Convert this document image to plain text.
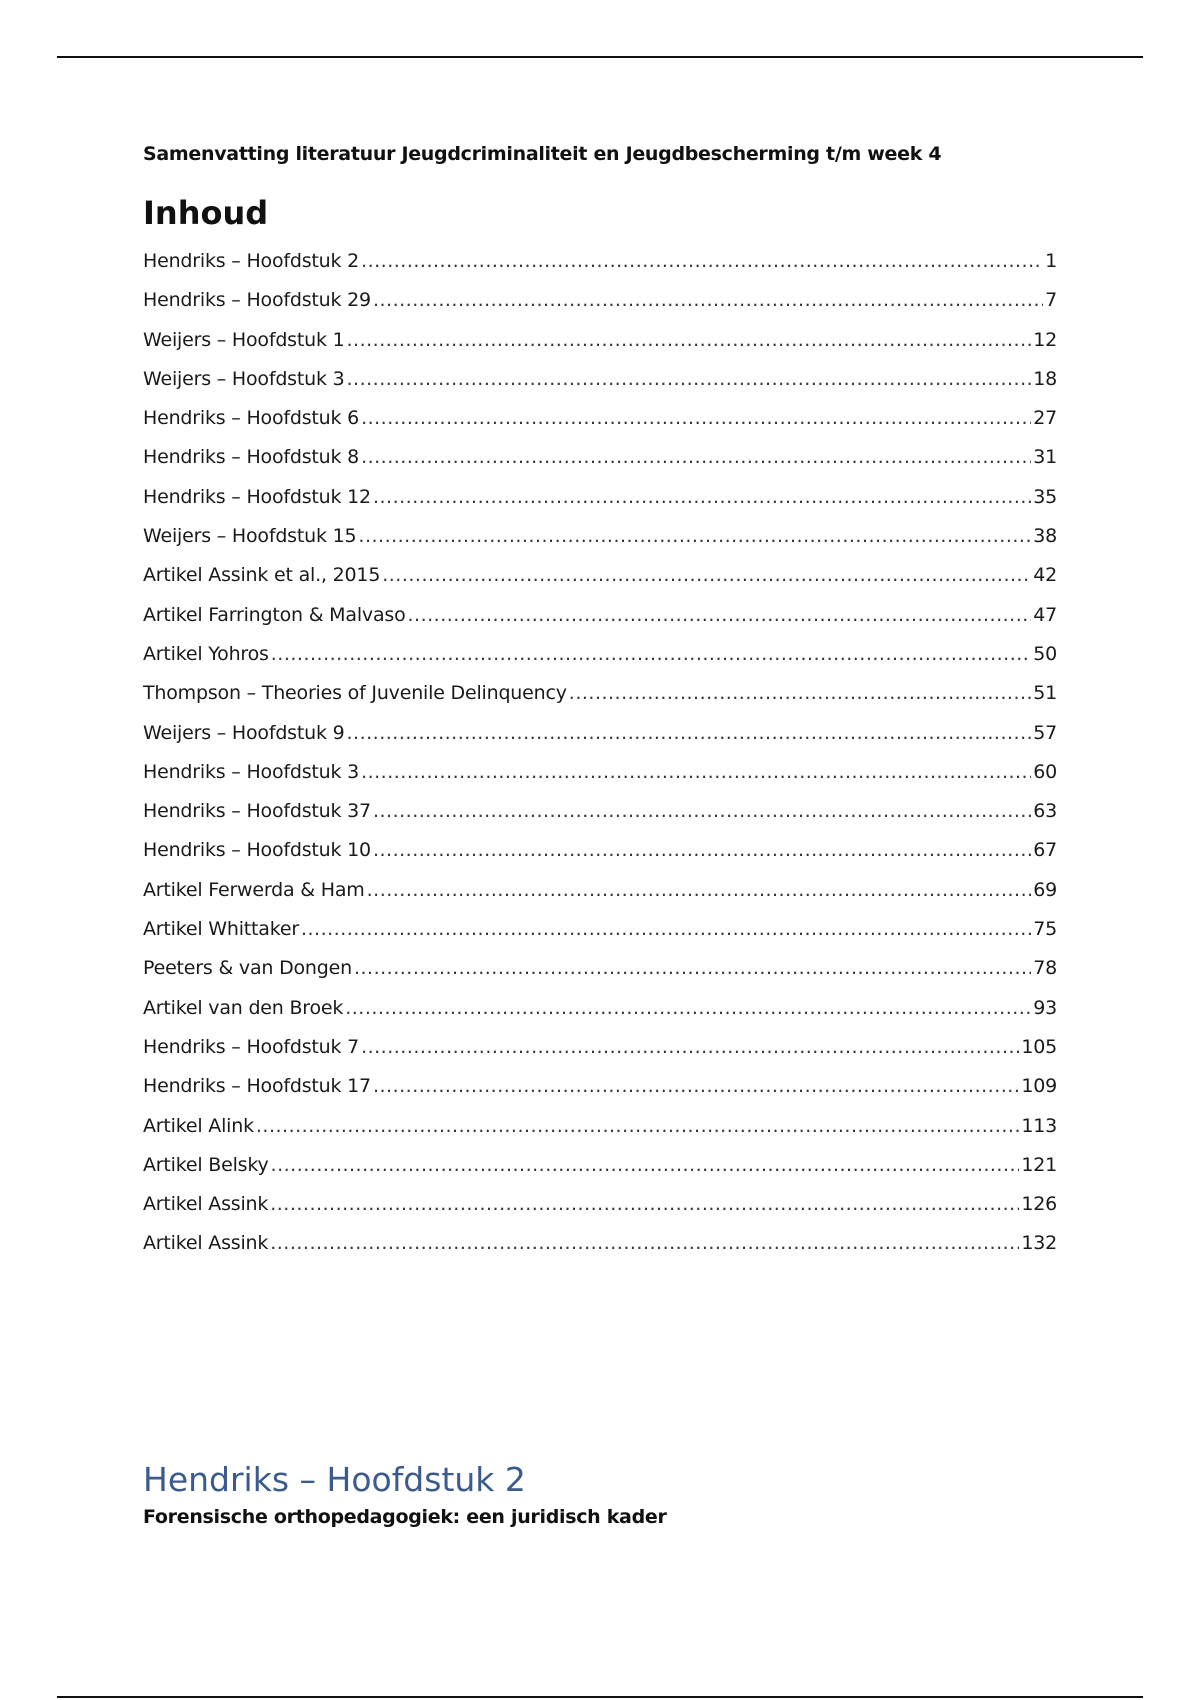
Samenvatting literatuur Jeugdcriminaliteit en Jeugdbescherming t/m week 4
Inhoud
Hendriks – Hoofdstuk 2 .....	1
Hendriks – Hoofdstuk 29 .....	7
Weijers – Hoofdstuk 1 .....	12
Weijers – Hoofdstuk 3 .....	18
Hendriks – Hoofdstuk 6 .....	27
Hendriks – Hoofdstuk 8 .....	31
Hendriks – Hoofdstuk 12 .....	35
Weijers – Hoofdstuk 15 .....	38
Artikel Assink et al., 2015 .....	42
Artikel Farrington & Malvaso .....	47
Artikel Yohros .....	50
Thompson – Theories of Juvenile Delinquency .....	51
Weijers – Hoofdstuk 9 .....	57
Hendriks – Hoofdstuk 3 .....	60
Hendriks – Hoofdstuk 37 .....	63
Hendriks – Hoofdstuk 10 .....	67
Artikel Ferwerda & Ham .....	69
Artikel Whittaker .....	75
Peeters & van Dongen .....	78
Artikel van den Broek .....	93
Hendriks – Hoofdstuk 7 .....	105
Hendriks – Hoofdstuk 17 .....	109
Artikel Alink .....	113
Artikel Belsky .....	121
Artikel Assink .....	126
Artikel Assink .....	132
Hendriks – Hoofdstuk 2
Forensische orthopedagogiek: een juridisch kader
